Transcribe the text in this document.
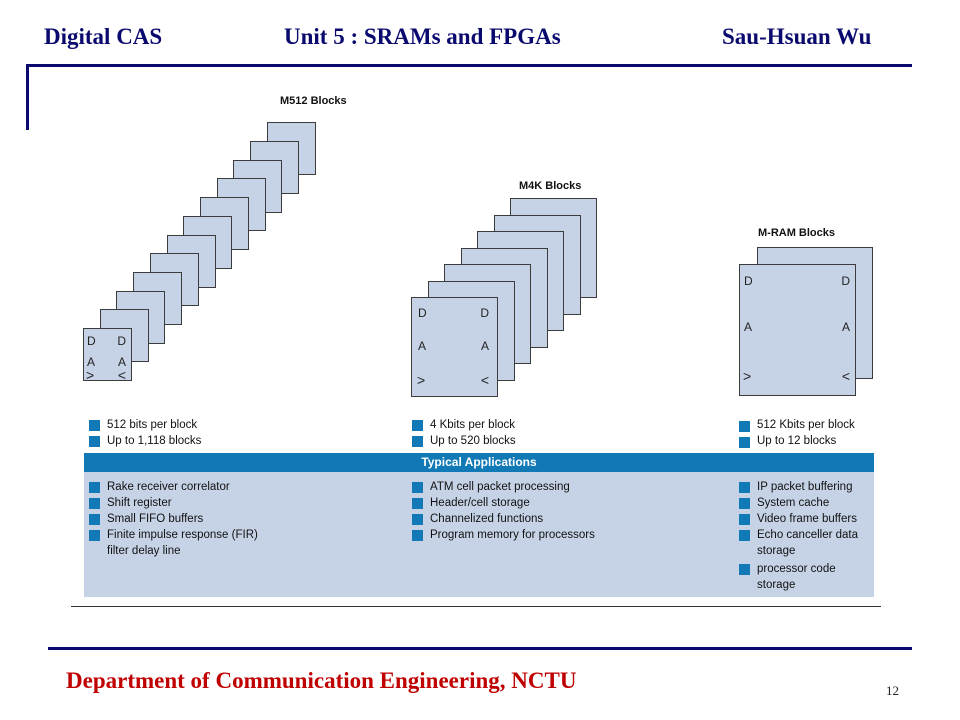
Digital CAS	Unit 5 : SRAMs and FPGAs	Sau-Hsuan Wu
M512 Blocks
M4K Blocks
M-RAM Blocks
D D
A A
> <
D	D
A	A
>	<
D	D
A	A
>	<
512 bits per block
Up to 1,118 blocks
4 Kbits per block
Up to 520 blocks
512 Kbits per block
Up to 12 blocks
Typical Applications
Rake receiver correlator
Shift register
Small FIFO buffers
Finite impulse response (FIR)
filter delay line
ATM cell packet processing
Header/cell storage
Channelized functions
Program memory for processors
IP packet buffering
System cache
Video frame buffers
Echo canceller data
storage
processor code
storage
Department of Communication Engineering, NCTU	12
